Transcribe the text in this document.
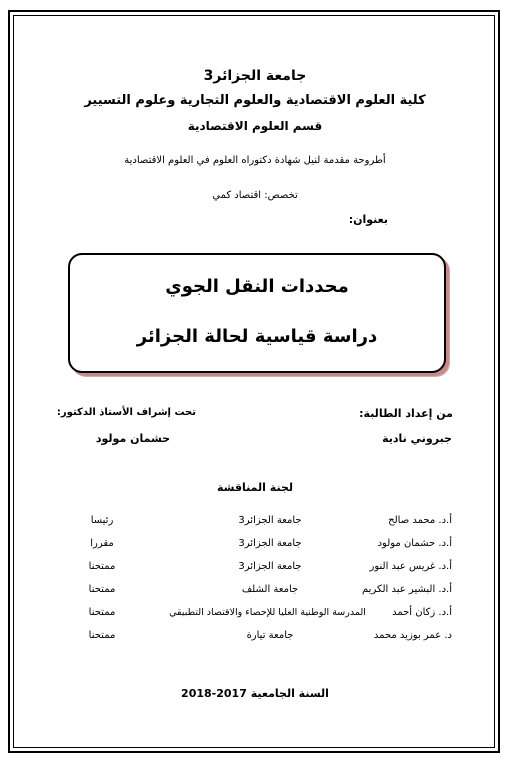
جامعة الجزائر3
كلية العلوم الاقتصادية والعلوم التجارية وعلوم التسيير
قسم العلوم الاقتصادية
أطروحة مقدمة لنيل شهادة دكتوراه العلوم في العلوم الاقتصادية
تخصص: اقتصاد كمي
بعنوان:
محددات النقل الجوي
دراسة قياسية لحالة الجزائر
من إعداد الطالبة:
جبروني نادية
تحت إشراف الأستاذ الدكتور:
حشمان مولود
لجنة المناقشة
أ.د. محمد صالح
جامعة الجزائر3
رئيسا
أ.د. حشمان مولود
جامعة الجزائر3
مقررا
أ.د. غريس عبد النور
جامعة الجزائر3
ممتحنا
أ.د. البشير عبد الكريم
جامعة الشلف
ممتحنا
أ.د. زكان أحمد
المدرسة الوطنية العليا للإحصاء والاقتصاد التطبيقي
ممتحنا
د. عمر بوزيد محمد
جامعة تيارة
ممتحنا
السنة الجامعية 2017-2018
